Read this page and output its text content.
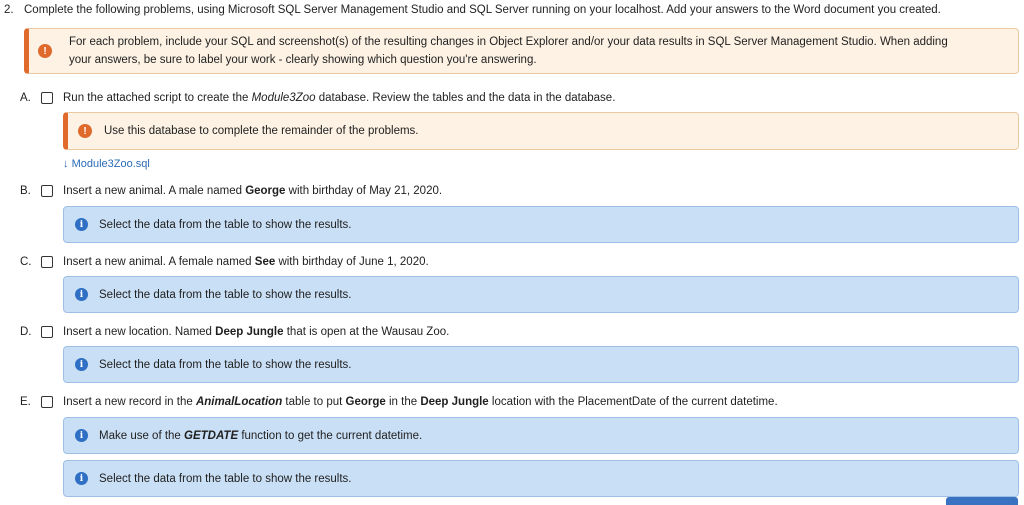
2. Complete the following problems, using Microsoft SQL Server Management Studio and SQL Server running on your localhost. Add your answers to the Word document you created.
!
For each problem, include your SQL and screenshot(s) of the resulting changes in Object Explorer and/or your data results in SQL Server Management Studio. When adding
your answers, be sure to label your work - clearly showing which question you're answering.
A.	Run the attached script to create the Module3Zoo database. Review the tables and the data in the database.
!	Use this database to complete the remainder of the problems.
↓ Module3Zoo.sql
B.	Insert a new animal. A male named George with birthday of May 21, 2020.
i	Select the data from the table to show the results.
C.	Insert a new animal. A female named See with birthday of June 1, 2020.
i	Select the data from the table to show the results.
D.	Insert a new location. Named Deep Jungle that is open at the Wausau Zoo.
i	Select the data from the table to show the results.
E.	Insert a new record in the AnimalLocation table to put George in the Deep Jungle location with the PlacementDate of the current datetime.
i	Make use of the GETDATE function to get the current datetime.
i	Select the data from the table to show the results.
